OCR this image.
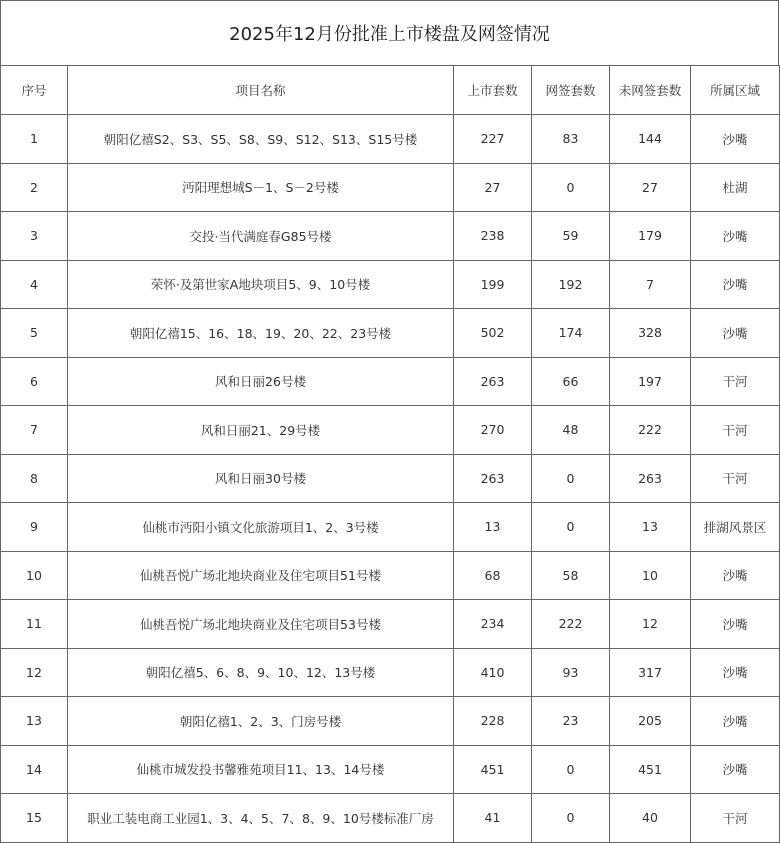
2025年12月份批准上市楼盘及网签情况
序号	项目名称	上市套数	网签套数	未网签套数	所属区域
1	朝阳亿禧S2、S3、S5、S8、S9、S12、S13、S15号楼	227	83	144	沙嘴
2	沔阳理想城S－1、S－2号楼	27	0	27	杜湖
3	交投·当代满庭春G85号楼	238	59	179	沙嘴
4	荣怀·及第世家A地块项目5、9、10号楼	199	192	7	沙嘴
5	朝阳亿禧15、16、18、19、20、22、23号楼	502	174	328	沙嘴
6	风和日丽26号楼	263	66	197	干河
7	风和日丽21、29号楼	270	48	222	干河
8	风和日丽30号楼	263	0	263	干河
9	仙桃市沔阳小镇文化旅游项目1、2、3号楼	13	0	13	排湖风景区
10	仙桃吾悦广场北地块商业及住宅项目51号楼	68	58	10	沙嘴
11	仙桃吾悦广场北地块商业及住宅项目53号楼	234	222	12	沙嘴
12	朝阳亿禧5、6、8、9、10、12、13号楼	410	93	317	沙嘴
13	朝阳亿禧1、2、3、门房号楼	228	23	205	沙嘴
14	仙桃市城发投书馨雅苑项目11、13、14号楼	451	0	451	沙嘴
15	职业工装电商工业园1、3、4、5、7、8、9、10号楼标准厂房	41	0	40	干河
